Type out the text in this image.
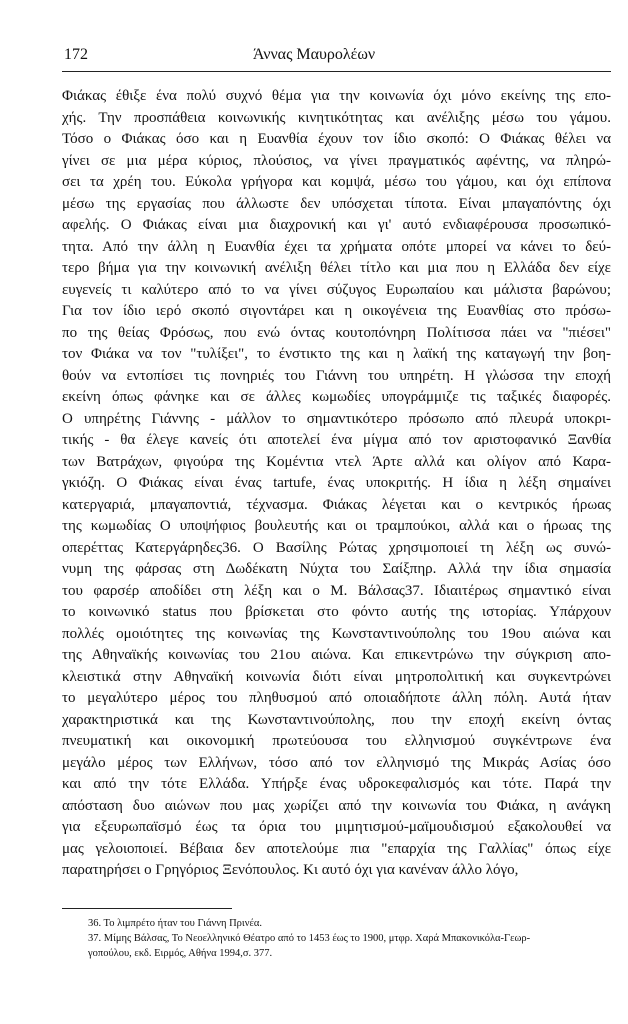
172	Άννας Μαυρολέων
Φιάκας έθιξε ένα πολύ συχνό θέμα για την κοινωνία όχι μόνο εκείνης της επο-
χής. Την προσπάθεια κοινωνικής κινητικότητας και ανέλιξης μέσω του γάμου.
Τόσο ο Φιάκας όσο και η Ευανθία έχουν τον ίδιο σκοπό: Ο Φιάκας θέλει να
γίνει σε μια μέρα κύριος, πλούσιος, να γίνει πραγματικός αφέντης, να πληρώ-
σει τα χρέη του. Εύκολα γρήγορα και κομψά, μέσω του γάμου, και όχι επίπονα
μέσω της εργασίας που άλλωστε δεν υπόσχεται τίποτα. Είναι μπαγαπόντης όχι
αφελής. Ο Φιάκας είναι μια διαχρονική και γι' αυτό ενδιαφέρουσα προσωπικό-
τητα. Από την άλλη η Ευανθία έχει τα χρήματα οπότε μπορεί να κάνει το δεύ-
τερο βήμα για την κοινωνική ανέλιξη θέλει τίτλο και μια που η Ελλάδα δεν είχε
ευγενείς τι καλύτερο από το να γίνει σύζυγος Ευρωπαίου και μάλιστα βαρώνου;
Για τον ίδιο ιερό σκοπό σιγοντάρει και η οικογένεια της Ευανθίας στο πρόσω-
πο της θείας Φρόσως, που ενώ όντας κουτοπόνηρη Πολίτισσα πάει να "πιέσει"
τον Φιάκα να τον "τυλίξει", το ένστικτο της και η λαϊκή της καταγωγή την βοη-
θούν να εντοπίσει τις πονηριές του Γιάννη του υπηρέτη. Η γλώσσα την εποχή
εκείνη όπως φάνηκε και σε άλλες κωμωδίες υπογράμμιζε τις ταξικές διαφορές.
Ο υπηρέτης Γιάννης - μάλλον το σημαντικότερο πρόσωπο από πλευρά υποκρι-
τικής - θα έλεγε κανείς ότι αποτελεί ένα μίγμα από τον αριστοφανικό Ξανθία
των Βατράχων, φιγούρα της Κομέντια ντελ Άρτε αλλά και ολίγον από Καρα-
γκιόζη. Ο Φιάκας είναι ένας tartufe, ένας υποκριτής. Η ίδια η λέξη σημαίνει
κατεργαριά, μπαγαποντιά, τέχνασμα. Φιάκας λέγεται και ο κεντρικός ήρωας
της κωμωδίας Ο υποψήφιος βουλευτής και οι τραμπούκοι, αλλά και ο ήρωας της
οπερέττας Κατεργάρηδες36. Ο Βασίλης Ρώτας χρησιμοποιεί τη λέξη ως συνώ-
νυμη της φάρσας στη Δωδέκατη Νύχτα του Σαίξπηρ. Αλλά την ίδια σημασία
του φαρσέρ αποδίδει στη λέξη και ο Μ. Βάλσας37. Ιδιαιτέρως σημαντικό είναι
το κοινωνικό status που βρίσκεται στο φόντο αυτής της ιστορίας. Υπάρχουν
πολλές ομοιότητες της κοινωνίας της Κωνσταντινούπολης του 19ου αιώνα και
της Αθηναϊκής κοινωνίας του 21ου αιώνα. Και επικεντρώνω την σύγκριση απο-
κλειστικά στην Αθηναϊκή κοινωνία διότι είναι μητροπολιτική και συγκεντρώνει
το μεγαλύτερο μέρος του πληθυσμού από οποιαδήποτε άλλη πόλη. Αυτά ήταν
χαρακτηριστικά και της Κωνσταντινούπολης, που την εποχή εκείνη όντας
πνευματική και οικονομική πρωτεύουσα του ελληνισμού συγκέντρωνε ένα
μεγάλο μέρος των Ελλήνων, τόσο από τον ελληνισμό της Μικράς Ασίας όσο
και από την τότε Ελλάδα. Υπήρξε ένας υδροκεφαλισμός και τότε. Παρά την
απόσταση δυο αιώνων που μας χωρίζει από την κοινωνία του Φιάκα, η ανάγκη
για εξευρωπαϊσμό έως τα όρια του μιμητισμού-μαϊμουδισμού εξακολουθεί να
μας γελοιοποιεί. Βέβαια δεν αποτελούμε πια "επαρχία της Γαλλίας" όπως είχε
παρατηρήσει ο Γρηγόριος Ξενόπουλος. Κι αυτό όχι για κανέναν άλλο λόγο,
36. Το λιμπρέτο ήταν του Γιάννη Πρινέα.
37. Μίμης Βάλσας, Το Νεοελληνικό Θέατρο από το 1453 έως το 1900, μτφρ. Χαρά Μπακονικόλα-Γεωρ-
γοπούλου, εκδ. Ειρμός, Αθήνα 1994,σ. 377.
